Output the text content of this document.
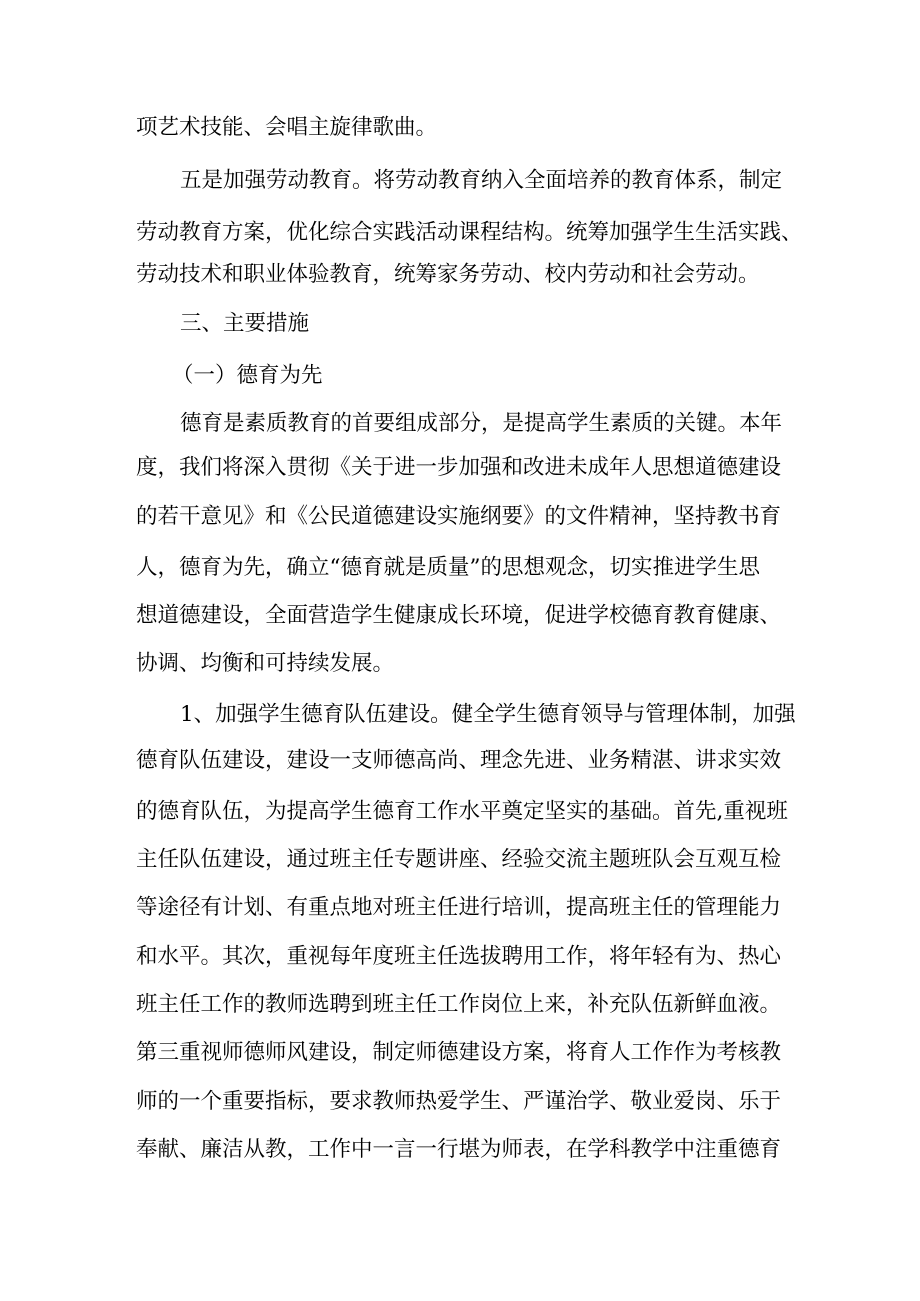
项艺术技能、会唱主旋律歌曲。
五是加强劳动教育。将劳动教育纳入全面培养的教育体系，制定
劳动教育方案，优化综合实践活动课程结构。统筹加强学生生活实践、
劳动技术和职业体验教育，统筹家务劳动、校内劳动和社会劳动。
三、主要措施
（一）德育为先
德育是素质教育的首要组成部分，是提高学生素质的关键。本年
度，我们将深入贯彻《关于进一步加强和改进未成年人思想道德建设
的若干意见》和《公民道德建设实施纲要》的文件精神，坚持教书育
人，德育为先，确立“德育就是质量”的思想观念，切实推进学生思
想道德建设，全面营造学生健康成长环境，促进学校德育教育健康、
协调、均衡和可持续发展。
1、加强学生德育队伍建设。健全学生德育领导与管理体制，加强
德育队伍建设，建设一支师德高尚、理念先进、业务精湛、讲求实效
的德育队伍，为提高学生德育工作水平奠定坚实的基础。首先,重视班
主任队伍建设，通过班主任专题讲座、经验交流主题班队会互观互检
等途径有计划、有重点地对班主任进行培训，提高班主任的管理能力
和水平。其次，重视每年度班主任选拔聘用工作，将年轻有为、热心
班主任工作的教师选聘到班主任工作岗位上来，补充队伍新鲜血液。
第三重视师德师风建设，制定师德建设方案，将育人工作作为考核教
师的一个重要指标，要求教师热爱学生、严谨治学、敬业爱岗、乐于
奉献、廉洁从教，工作中一言一行堪为师表，在学科教学中注重德育
